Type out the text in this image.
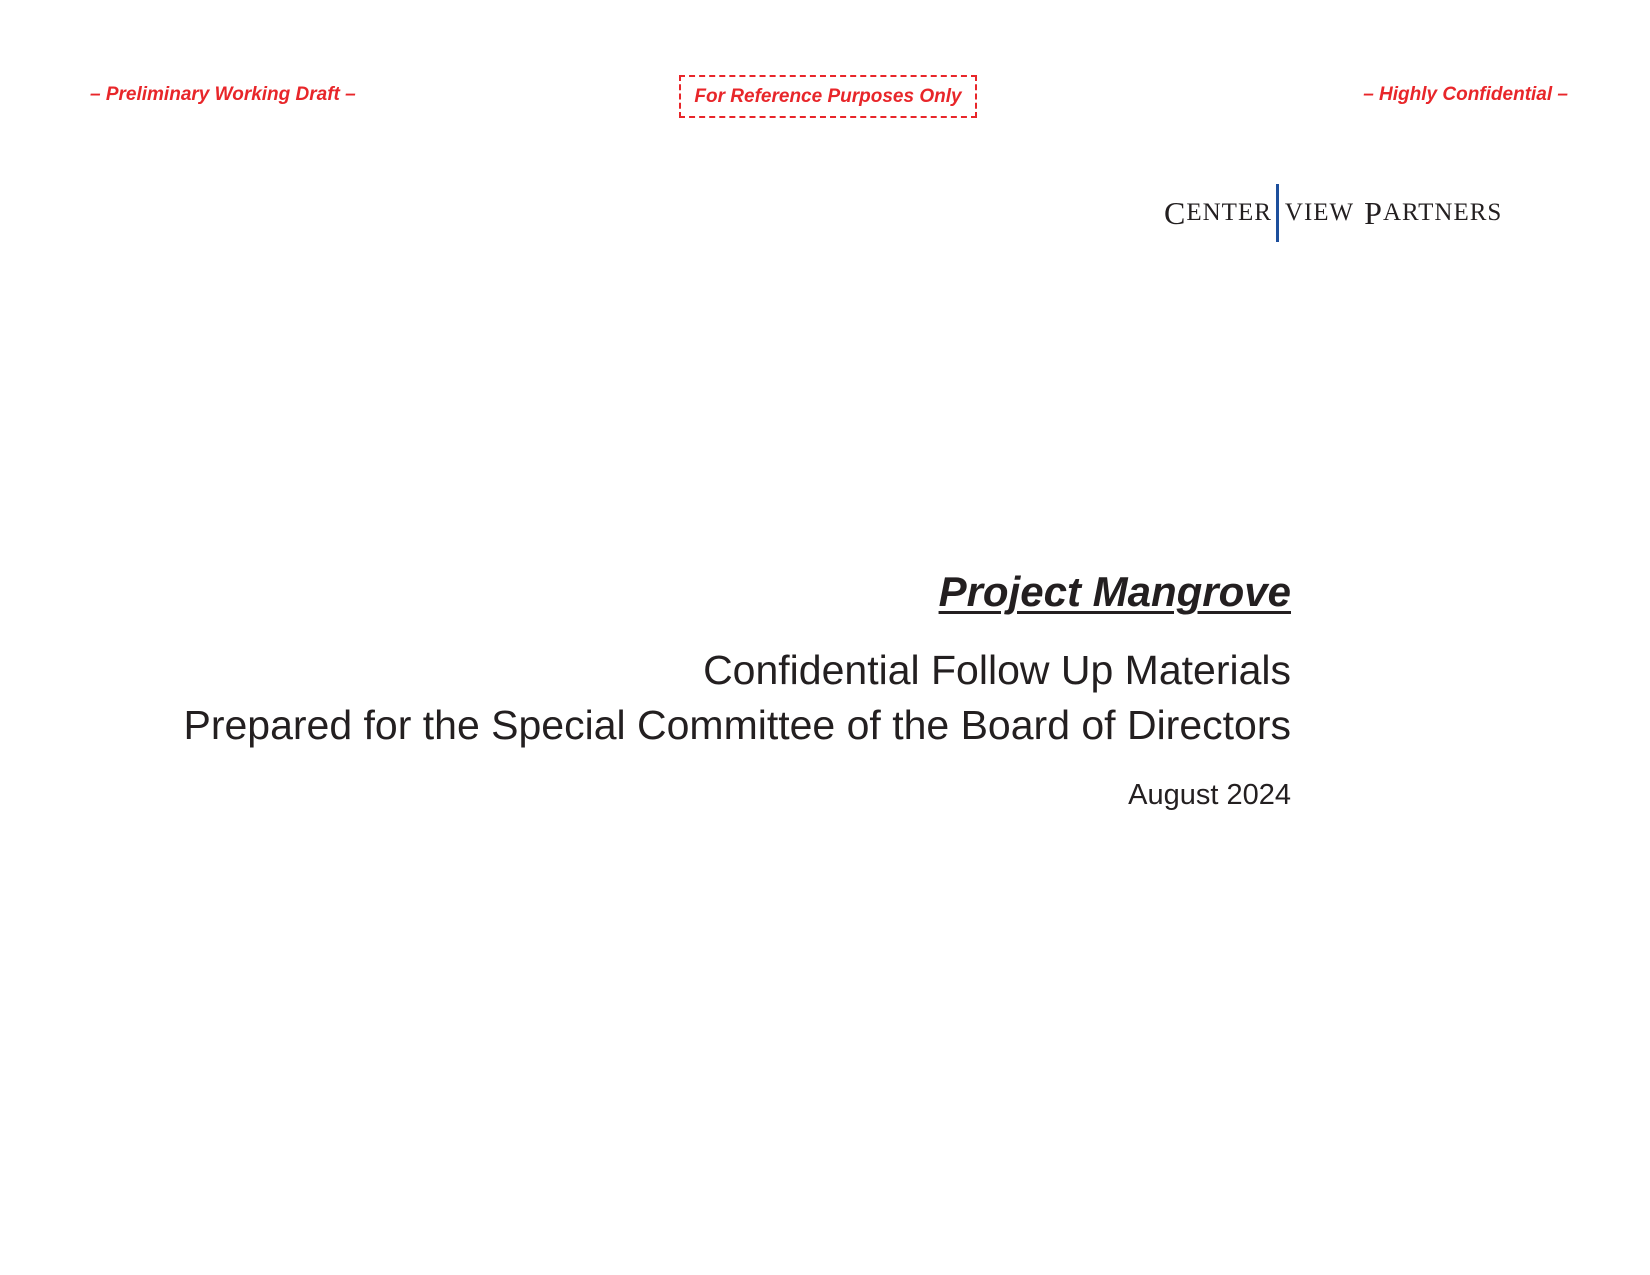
– Preliminary Working Draft –	For Reference Purposes Only	– Highly Confidential –
C ENTER VIEW P ARTNERS
Project Mangrove
Confidential Follow Up Materials
Prepared for the Special Committee of the Board of Directors
August 2024
